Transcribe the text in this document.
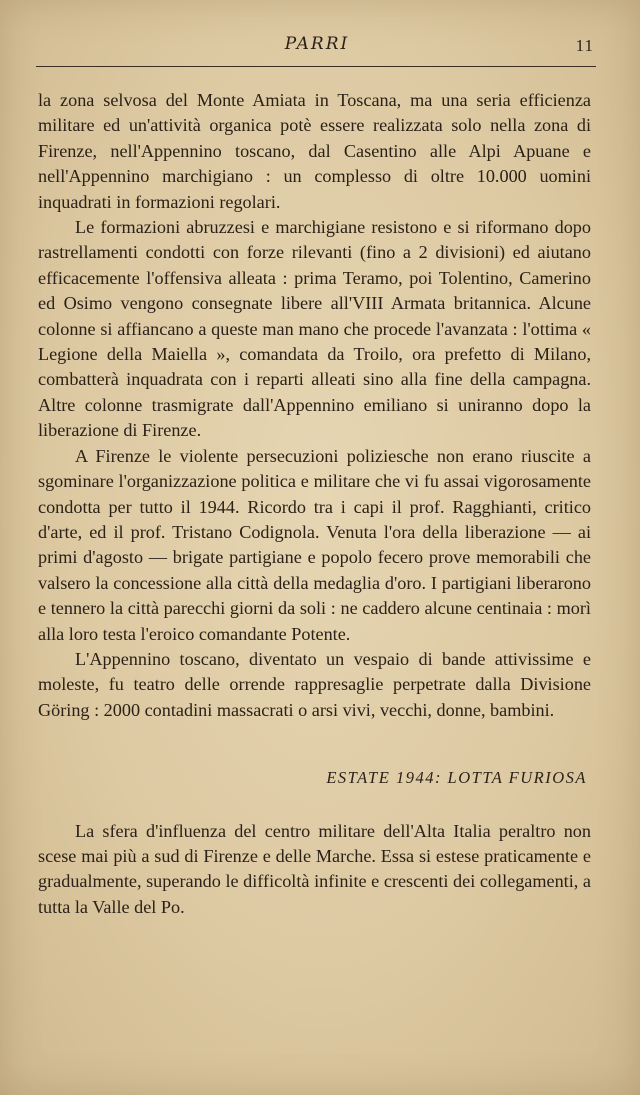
PARRI	11

la zona selvosa del Monte Amiata in Toscana, ma una seria efficienza militare ed un'attività organica potè essere realizzata solo nella zona di Firenze, nell'Appennino toscano, dal Casentino alle Alpi Apuane e nell'Appennino marchigiano : un complesso di oltre 10.000 uomini inquadrati in formazioni regolari.

Le formazioni abruzzesi e marchigiane resistono e si riformano dopo rastrellamenti condotti con forze rilevanti (fino a 2 divisioni) ed aiutano efficacemente l'offensiva alleata : prima Teramo, poi Tolentino, Camerino ed Osimo vengono consegnate libere all'VIII Armata britannica. Alcune colonne si affiancano a queste man mano che procede l'avanzata : l'ottima « Legione della Maiella », comandata da Troilo, ora prefetto di Milano, combatterà inquadrata con i reparti alleati sino alla fine della campagna. Altre colonne trasmigrate dall'Appennino emiliano si uniranno dopo la liberazione di Firenze.

A Firenze le violente persecuzioni poliziesche non erano riuscite a sgominare l'organizzazione politica e militare che vi fu assai vigorosamente condotta per tutto il 1944. Ricordo tra i capi il prof. Ragghianti, critico d'arte, ed il prof. Tristano Codignola. Venuta l'ora della liberazione — ai primi d'agosto — brigate partigiane e popolo fecero prove memorabili che valsero la concessione alla città della medaglia d'oro. I partigiani liberarono e tennero la città parecchi giorni da soli : ne caddero alcune centinaia : morì alla loro testa l'eroico comandante Potente.

L'Appennino toscano, diventato un vespaio di bande attivissime e moleste, fu teatro delle orrende rappresaglie perpetrate dalla Divisione Göring : 2000 contadini massacrati o arsi vivi, vecchi, donne, bambini.

ESTATE 1944: LOTTA FURIOSA

La sfera d'influenza del centro militare dell'Alta Italia peraltro non scese mai più a sud di Firenze e delle Marche. Essa si estese praticamente e gradualmente, superando le difficoltà infinite e crescenti dei collegamenti, a tutta la Valle del Po.
